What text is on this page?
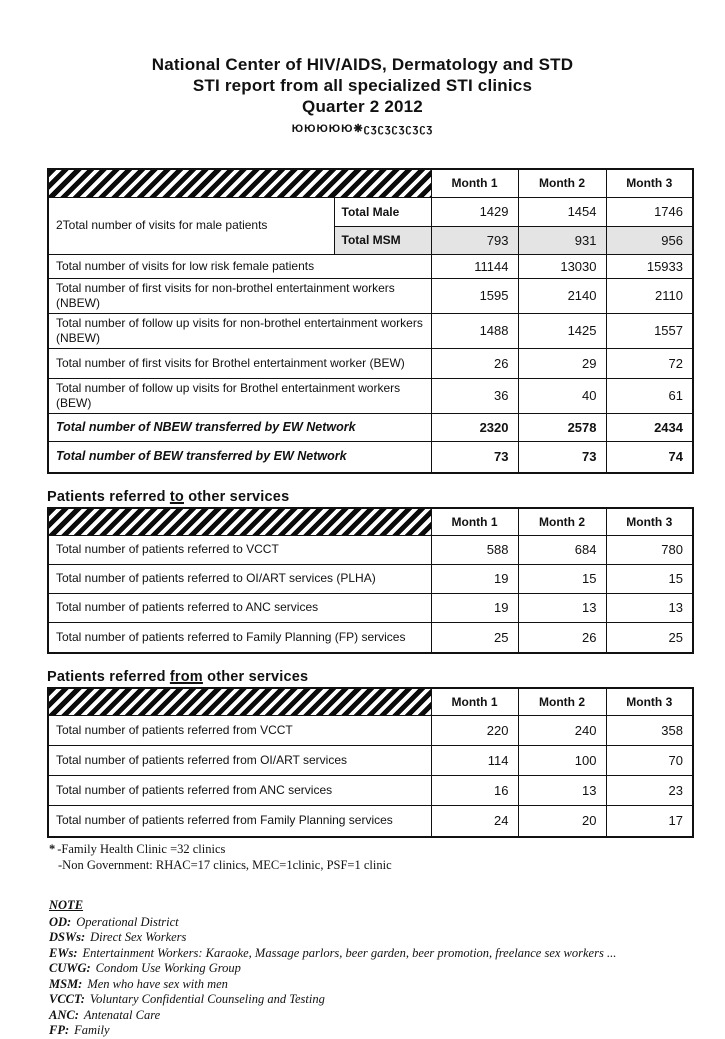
National Center of HIV/AIDS, Dermatology and STD
STI report from all specialized STI clinics
Quarter 2 2012
ЮЮЮЮЮ❋ʗʒʗʒʗʒʗʒʗʒ
		Month 1	Month 2	Month 3
2Total number of visits for male patients	Total Male	1429	1454	1746
	Total MSM	793	931	956
Total number of visits for low risk female patients		11144	13030	15933
Total number of first visits for non-brothel entertainment workers (NBEW)		1595	2140	2110
Total number of follow up visits for non-brothel entertainment workers (NBEW)		1488	1425	1557
Total number of first visits for Brothel entertainment worker (BEW)		26	29	72
Total number of follow up visits for Brothel entertainment workers (BEW)		36	40	61
Total number of NBEW transferred by EW Network		2320	2578	2434
Total number of BEW transferred by EW Network		73	73	74
Patients referred to other services
	Month 1	Month 2	Month 3
Total number of patients referred to VCCT	588	684	780
Total number of patients referred to OI/ART services (PLHA)	19	15	15
Total number of patients referred to ANC services	19	13	13
Total number of patients referred to Family Planning (FP) services	25	26	25
Patients referred from other services
	Month 1	Month 2	Month 3
Total number of patients referred from VCCT	220	240	358
Total number of patients referred from OI/ART services	114	100	70
Total number of patients referred from ANC services	16	13	23
Total number of patients referred from Family Planning services	24	20	17
* -Family Health Clinic =32 clinics
-Non Government: RHAC=17 clinics, MEC=1clinic, PSF=1 clinic
NOTE
OD: Operational District
DSWs: Direct Sex Workers
EWs: Entertainment Workers: Karaoke, Massage parlors, beer garden, beer promotion, freelance sex workers ...
CUWG: Condom Use Working Group
MSM: Men who have sex with men
VCCT: Voluntary Confidential Counseling and Testing
ANC: Antenatal Care
FP: Family
